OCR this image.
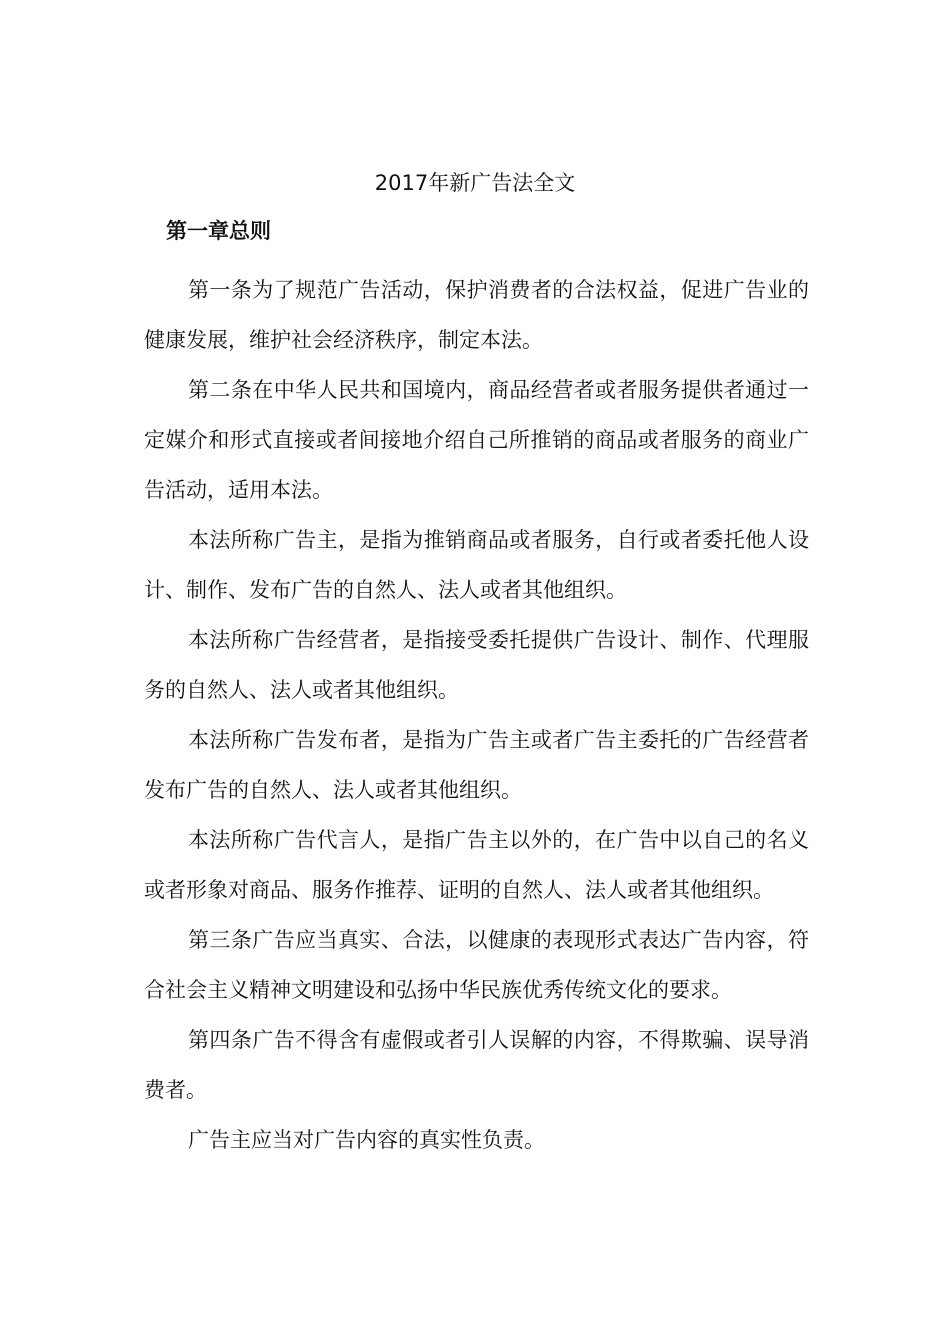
2017年新广告法全文
第一章总则

第一条为了规范广告活动，保护消费者的合法权益，促进广告业的健康发展，维护社会经济秩序，制定本法。

第二条在中华人民共和国境内，商品经营者或者服务提供者通过一定媒介和形式直接或者间接地介绍自己所推销的商品或者服务的商业广告活动，适用本法。

本法所称广告主，是指为推销商品或者服务，自行或者委托他人设计、制作、发布广告的自然人、法人或者其他组织。

本法所称广告经营者，是指接受委托提供广告设计、制作、代理服务的自然人、法人或者其他组织。

本法所称广告发布者，是指为广告主或者广告主委托的广告经营者发布广告的自然人、法人或者其他组织。

本法所称广告代言人，是指广告主以外的，在广告中以自己的名义或者形象对商品、服务作推荐、证明的自然人、法人或者其他组织。

第三条广告应当真实、合法，以健康的表现形式表达广告内容，符合社会主义精神文明建设和弘扬中华民族优秀传统文化的要求。

第四条广告不得含有虚假或者引人误解的内容，不得欺骗、误导消费者。

广告主应当对广告内容的真实性负责。
